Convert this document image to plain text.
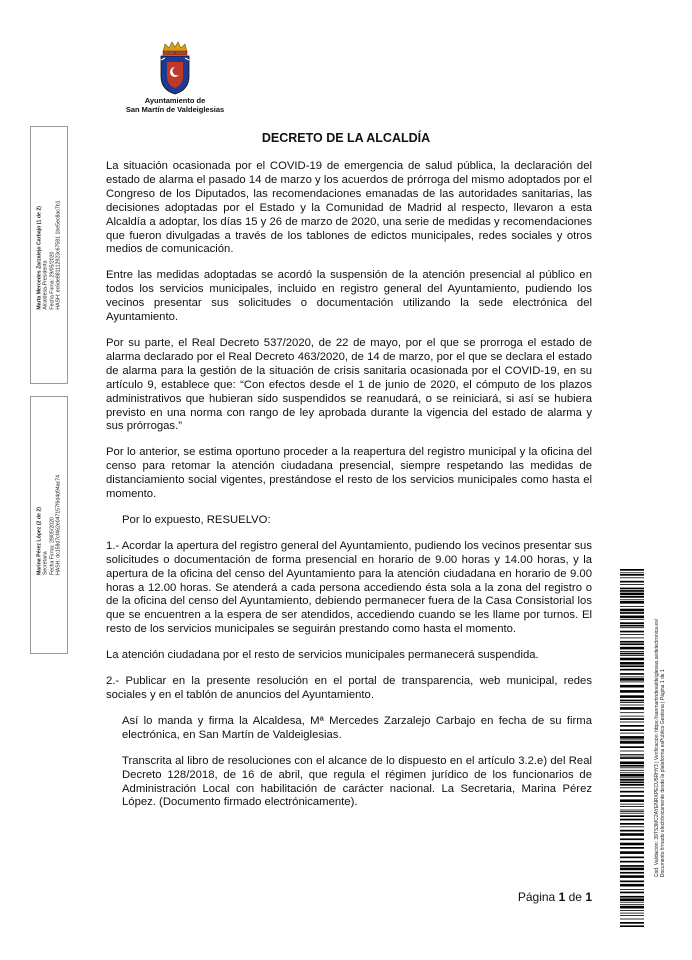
Ayuntamiento de
San Martín de Valdeiglesias
DECRETO DE LA ALCALDÍA

La situación ocasionada por el COVID-19 de emergencia de salud pública, la declaración del estado de alarma el pasado 14 de marzo y los acuerdos de prórroga del mismo adoptados por el Congreso de los Diputados, las recomendaciones emanadas de las autoridades sanitarias, las decisiones adoptadas por el Estado y la Comunidad de Madrid al respecto, llevaron a esta Alcaldía a adoptar, los días 15 y 26 de marzo de 2020, una serie de medidas y recomendaciones que fueron divulgadas a través de los tablones de edictos municipales, redes sociales y otros medios de comunicación.

Entre las medidas adoptadas se acordó la suspensión de la atención presencial al público en todos los servicios municipales, incluido en registro general del Ayuntamiento, pudiendo los vecinos presentar sus solicitudes o documentación utilizando la sede electrónica del Ayuntamiento.

Por su parte, el Real Decreto 537/2020, de 22 de mayo, por el que se prorroga el estado de alarma declarado por el Real Decreto 463/2020, de 14 de marzo, por el que se declara el estado de alarma para la gestión de la situación de crisis sanitaria ocasionada por el COVID-19, en su artículo 9, establece que: “Con efectos desde el 1 de junio de 2020, el cómputo de los plazos administrativos que hubieran sido suspendidos se reanudará, o se reiniciará, si así se hubiera previsto en una norma con rango de ley aprobada durante la vigencia del estado de alarma y sus prórrogas.”

Por lo anterior, se estima oportuno proceder a la reapertura del registro municipal y la oficina del censo para retomar la atención ciudadana presencial, siempre respetando las medidas de distanciamiento social vigentes, prestándose el resto de los servicios municipales como hasta el momento.

Por lo expuesto, RESUELVO:

1.- Acordar la apertura del registro general del Ayuntamiento, pudiendo los vecinos presentar sus solicitudes o documentación de forma presencial en horario de 9.00 horas y 14.00 horas, y la apertura de la oficina del censo del Ayuntamiento para la atención ciudadana en horario de 9.00 horas a 12.00 horas. Se atenderá a cada persona accediendo ésta sola a la zona del registro o de la oficina del censo del Ayuntamiento, debiendo permanecer fuera de la Casa Consistorial los que se encuentren a la espera de ser atendidos, accediendo cuando se les llame por turnos. El resto de los servicios municipales se seguirán prestando como hasta el momento.

La atención ciudadana por el resto de servicios municipales permanecerá suspendida.

2.- Publicar en la presente resolución en el portal de transparencia, web municipal, redes sociales y en el tablón de anuncios del Ayuntamiento.

Así lo manda y firma la Alcaldesa, Mª Mercedes Zarzalejo Carbajo en fecha de su firma electrónica, en San Martín de Valdeiglesias.

Transcrita al libro de resoluciones con el alcance de lo dispuesto en el artículo 3.2.e) del Real Decreto 128/2018, de 16 de abril, que regula el régimen jurídico de los funcionarios de Administración Local con habilitación de carácter nacional. La Secretaria, Marina Pérez López. (Documento firmado electrónicamente).

Marta Mercedes Zarzalejo Carbajo (1 de 2) Alcaldesa-Presidenta Fecha Firma: 29/05/2020 HASH: ec6de881112923c67581 1be5ec8ac7b1
Marina Pérez López (2 de 2) Secretaria Fecha Firma: 29/05/2020 HASH: dc158d7cf462e047157f6d4d94ac74
Cód. Validación: 39TS3MC2AYENRXPECU5RHY3 | Verificación: https://sanmartindevaldeiglesias.sedelectronica.es/ Documento firmado electrónicamente desde la plataforma esPublico Gestiona | Página 1 de 1
Página 1 de 1
